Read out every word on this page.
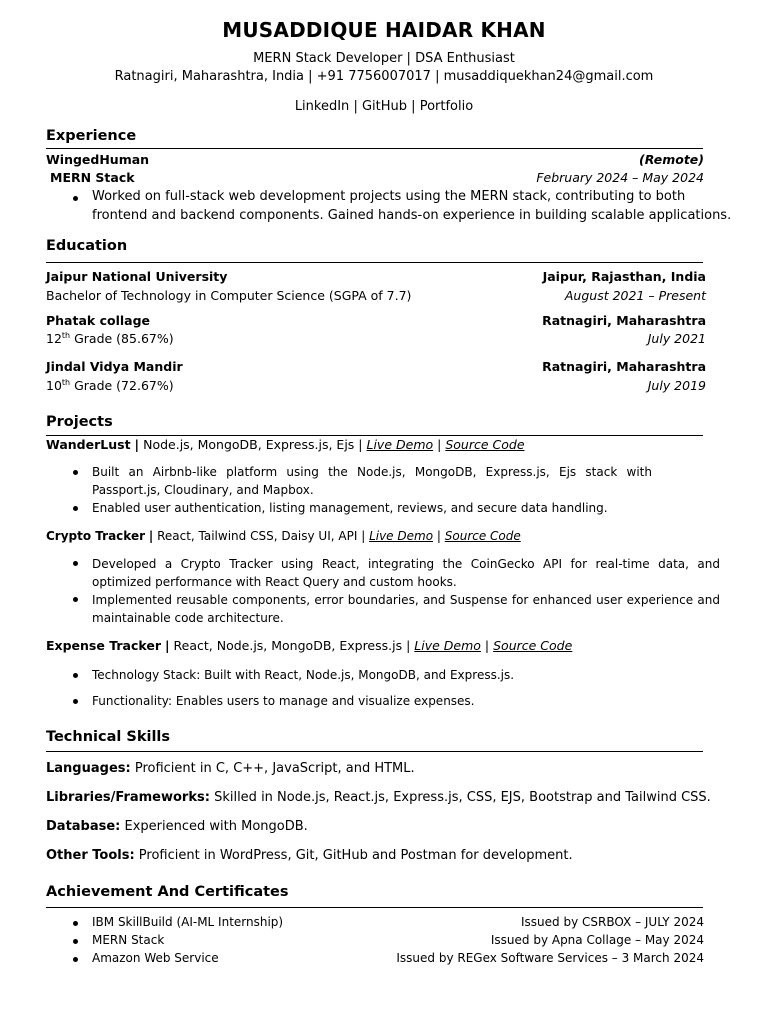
MUSADDIQUE HAIDAR KHAN
MERN Stack Developer | DSA Enthusiast
Ratnagiri, Maharashtra, India | +91 7756007017 | musaddiquekhan24@gmail.com
LinkedIn | GitHub | Portfolio
Experience
WingedHuman	(Remote)
MERN Stack	February 2024 – May 2024
Worked on full-stack web development projects using the MERN stack, contributing to both
frontend and backend components. Gained hands-on experience in building scalable applications.
Education
Jaipur National University	Jaipur, Rajasthan, India
Bachelor of Technology in Computer Science (SGPA of 7.7)	August 2021 – Present
Phatak collage	Ratnagiri, Maharashtra
12th Grade (85.67%)	July 2021
Jindal Vidya Mandir	Ratnagiri, Maharashtra
10th Grade (72.67%)	July 2019
Projects
WanderLust | Node.js, MongoDB, Express.js, Ejs | Live Demo | Source Code
Built an Airbnb-like platform using the Node.js, MongoDB, Express.js, Ejs stack with Passport.js, Cloudinary, and Mapbox.
Enabled user authentication, listing management, reviews, and secure data handling.
Crypto Tracker | React, Tailwind CSS, Daisy UI, API | Live Demo | Source Code
Developed a Crypto Tracker using React, integrating the CoinGecko API for real-time data, and optimized performance with React Query and custom hooks.
Implemented reusable components, error boundaries, and Suspense for enhanced user experience and maintainable code architecture.
Expense Tracker | React, Node.js, MongoDB, Express.js | Live Demo | Source Code
Technology Stack: Built with React, Node.js, MongoDB, and Express.js.
Functionality: Enables users to manage and visualize expenses.
Technical Skills
Languages: Proficient in C, C++, JavaScript, and HTML.
Libraries/Frameworks: Skilled in Node.js, React.js, Express.js, CSS, EJS, Bootstrap and Tailwind CSS.
Database: Experienced with MongoDB.
Other Tools: Proficient in WordPress, Git, GitHub and Postman for development.
Achievement And Certificates
IBM SkillBuild (AI-ML Internship)	Issued by CSRBOX – JULY 2024
MERN Stack	Issued by Apna Collage – May 2024
Amazon Web Service	Issued by REGex Software Services – 3 March 2024
